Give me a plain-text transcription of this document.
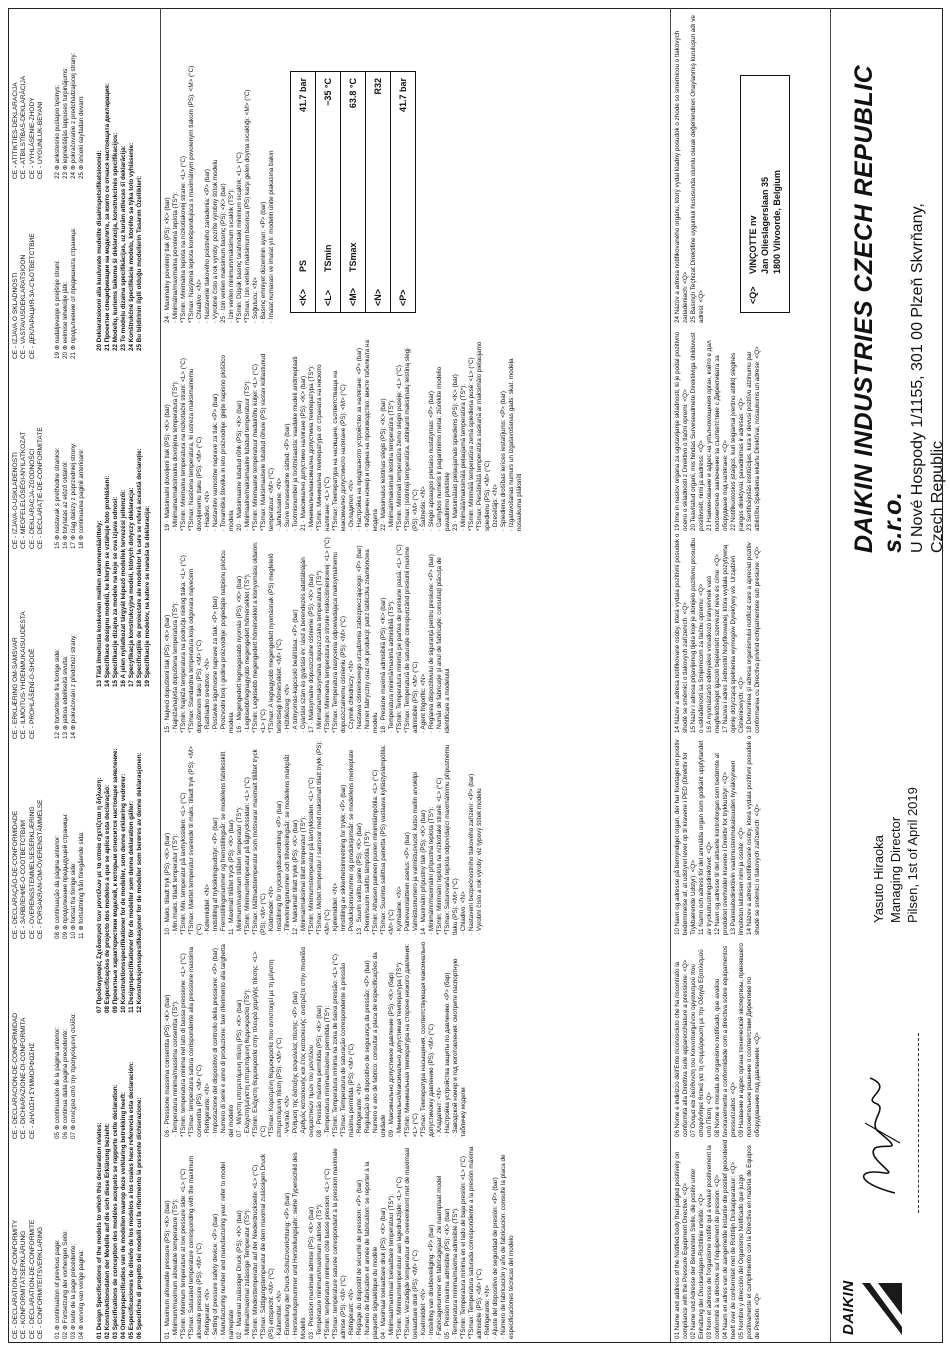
CE - DECLARATION-OF-CONFORMITY CE - KONFORMITÄTSERKLÄRUNG CE - DECLARATION-DE-CONFORMITE CE - CONFORMITEITSVERKLARING
CE - DECLARACION-DE-CONFORMIDAD CE - DICHIARAZIONE-DI-CONFORMITA CE - ΔΗΛΩΣΗ ΣΥΜΜΟΡΦΩΣΗΣ
CE - DECLARAÇÃO-DE-CONFORMIDADE CE - ЗАЯВЛЕНИЕ-О-СООТВЕТСТВИИ CE - OVERENSSTEMMELSESERKLÆRING CE - FORSAKRAN-OM-ÖVERENSTÄMMELSE
CE - ERKLÆRING OM-SAMSVAR CE - ILMOITUS-YHDENMUKAISUUDESTA CE - PROHLÁŠENÍ-O-SHODĚ
CE - IZJAVA-O-USKLAĐENOSTI CE - MEGFELELŐSÉGI-NYILATKOZAT CE - DEKLARACJA-ZGODNOŚCI CE - DECLARAŢIE-DE-CONFORMITATE
CE - IZJAVA O SKLADNOSTI CE - VASTAVUSDEKLARATSIOON CE - ДЕКЛАРАЦИЯ-ЗА-СЪОТВЕТСТВИЕ
CE - ATITIKTIES-DEKLARACIJA CE - ATBILSTĪBAS-DEKLARĀCIJA CE - VYHLÁSENIE-ZHODY CE - UYGUNLUK-BEYANI
01 ⊕ continuation of previous page: 02 ⊕ Fortsetzung der vorherigen Seite: 03 ⊕ suite de la page précédente: 04 ⊕ vervolg van vorige pagina:
05 ⊕ continuación de la página anterior: 06 ⊕ continua dalla pagina precedente: 07 ⊕ συνέχεια από την προηγούμενη σελίδα:
08 ⊕ continuação da página anterior: 09 ⊕ продолжение предыдущей страницы: 10 ⊕ fortsat fra forrige side: 11 ⊕ fortsättning från föregående sida:
12 ⊕ fortsettelse fra forrige side: 13 ⊕ jatkoa edelliseltä sivulta: 14 ⊕ pokračování z předchozí strany:
15 ⊕ nastavak s prethodne stranice: 16 ⊕ folytatás az előző oldalról: 17 ⊕ ciąg dalszy z poprzedniej strony: 18 ⊕ continuarea paginii anterioare:
19 ⊕ nadaljevanje s prejšnje strani: 20 ⊕ eelmise lehekülje jätk: 21 ⊕ продължение от предишната страница:
22 ⊕ ankstesnio puslapio tęsinys: 23 ⊕ iepriekšējās lappuses turpinājums: 24 ⊕ pokračovanie z predchádzajúcej strany: 25 ⊕ önceki sayfadan devam:
01 Design Specifications of the models to which this declaration relates: 02 Konstruktionsdaten der Modelle auf die sich diese Erklärung bezieht: 03 Spécifications de conception des modèles auxquels se rapporte cette déclaration: 04 Ontwerpspecificaties van de modellen waarop deze verklaring betrekking heeft: 05 Especificaciones de diseño de los modelos a los cuales hace referencia esta declaración: 06 Specifiche di progetto dei modelli cui fa riferimento la presente dichiarazione:
07 Προδιαγραφές Σχεδιασμού των μοντέλων με τα οποία σχετίζεται η δήλωση: 08 Especificações de projecto dos modelos a que se aplica esta declaração: 09 Проектные характеристики моделей, к которым относится настоящее заявление: 10 Konstruktionsspecifikationer for de modeller, som denne erklæring vedrører: 11 Designspecifikationer för de modeller som denna deklaration gäller: 12 Konstruksjonsspesifikasjoner for de modeller som berøres av denne deklarasjonen:
13 Tätä ilmoitusta koskevien mallien rakennemäärittely: 14 Specifikace designu modelů, ke kterým se vztahuje toto prohlášení: 15 Specifikacije dizajna za modele na koje se ova izjava odnosi: 16 A jelen nyilatkozat tárgyát képező modellek tervezési jellemzői: 17 Specyfikacja konstrukcyjna modeli, których dotyczy deklaracja: 18 Specificaţiile de proiectare ale modelelor la care se referă această declaraţie: 19 Specifikacije modelov, na katere se nanaša ta deklaracija:
20 Deklaratsiooni alla kuuluvate mudelite disainispetsifikatsioonid: 21 Проектни спецификации на моделите, за които се отнася настоящата декларация: 22 Modelių, kuriems taikoma ši deklaracija, konstrukcinės specifikacijos: 23 To modeļu dizaina specifikācijas, uz kurām attiecas šī deklarācija: 24 Konštrukčné špecifikácie modelu, ktorého sa týka toto vyhlásenie: 25 Bu bildirinin ilgili olduğu modellerin Tasarım Özellikleri:
01 · Maximum allowable pressure (PS): <K> (bar) · Minimum/maximum allowable temperature (TS*): *TSmin: Minimum temperature at low pressure side: <L> (°C) *TSmax: Saturated temperature corresponding with the maximum allowable pressure (PS): <M> (°C) · Refrigerant: <N> · Setting of pressure safety device: <P> (bar) · Manufacturing number and manufacturing year: refer to model nameplate 02 · Maximal zulässiger Druck (PS): <K> (bar) · Minimal/maximal zulässige Temperatur (TS*): *TSmin: Mindesttemperatur auf der Niederdruckseite: <L> (°C) *TSmax: Sättigungstemperatur die dem maximal zulässigen Druck (PS) entspricht: <M> (°C) · Kältemittel: <N> · Einstellung der Druck-Schutzvorrichtung: <P> (bar) · Herstellungsnummer und Herstellungsjahr: siehe Typenschild des Modells 03 · Pression maximale admise (PS): <K> (bar) · Température minimum/maximum admise (TS*): *TSmin: température minimum côté basse pression: <L> (°C) *TSmax: température saturée correspondant à la pression maximale admise (PS): <M> (°C) · Réfrigérant: <N> · Réglage du dispositif de sécurité de pression: <P> (bar) · Numéro de fabrication et année de fabrication: se reporter à la plaquette signalétique du modèle 04 · Maximaal toelaatbare druk (PS): <K> (bar) · Minimaal/maximaal toelaatbare temperatuur (TS*): *TSmin: Minimumtemperatuur aan lagedrukzijde: <L> (°C) *TSmax: Verzadigde temperatuur die overeenkomt met de maximaal toelaatbare druk (PS): <M> (°C) · Koelmiddel: <N> · Instelling van drukbeveiliging: <P> (bar) · Fabricagenummer en fabricagejaar: zie naamplaat model 05 · Presión máxima admisible (PS): <K> (bar) · Temperatura mínima/máxima admisible (TS*): *TSmin: Temperatura mínima en el lado de baja presión: <L> (°C) *TSmax: Temperatura saturada correspondiente a la presión máxima admisible (PS): <M> (°C) · Refrigerante: <N> · Ajuste del dispositivo de seguridad de presión: <P> (bar) · Número de fabricación y año de fabricación: consulte la placa de especificaciones técnicas del modelo
06 · Pressione massima consentita (PS): <K> (bar) · Temperatura minima/massima consentita (TS*): *TSmin: temperatura minima nel lato di bassa pressione: <L> (°C) *TSmax: temperatura satura corrispondente alla pressione massima consentita (PS): <M> (°C) · Refrigerante: <N> · Impostazione del dispositivo di controllo della pressione: <P> (bar) · Numero di serie e anno di produzione: fare riferimento alla targhetta del modello 07 · Μέγιστη επιτρεπόμενη πίεση (PS): <K> (bar) · Ελάχιστη/μέγιστη επιτρεπόμενη θερμοκρασία (TS*): *TSmin: Ελάχιστη θερμοκρασία στην πλευρά χαμηλής πίεσης: <L> (°C) *TSmax: Κορεσμένη θερμοκρασία που αντιστοιχεί με τη μέγιστη επιτρεπόμενη πίεση (PS): <M> (°C) · Ψυκτικό: <N> · Ρύθμιση της διάταξης ασφαλείας πίεσης: <P> (bar) · Αριθμός κατασκευής και έτος κατασκευής: ανατρέξτε στην πινακίδα ονομαστικών τιμών του μοντέλου 08 · Pressão máxima permitida (PS): <K> (bar) · Temperatura mínima/máxima permitida (TS*): *TSmin: Temperatura mínima na zona de baixa pressão: <L> (°C) *TSmax: Temperatura de saturação correspondente à pressão máxima permitida (PS): <M> (°C) · Refrigerante: <N> · Regulação do dispositivo de segurança da pressão: <P> (bar) · Número e ano de fabrico: consultar a placa de especificações da unidade 09 · Максимально допустимое давление (PS): <K> (бар) · Минимально/максимально допустимая температура (TS*): *TSmin: Минимальная температура на стороне низкого давления: <L> (°C) *TSmax: Температура насыщения, соответствующая максимально допустимому давлению (PS): <M> (°C) · Хладагент: <N> · Настройка устройства защиты по давлению: <P> (бар) · Заводской номер и год изготовления: смотрите паспортную табличку модели
10 · Maks. tilladt tryk (PS): <K> (bar) · Min./maks. tilladt temperatur (TS*): *TSmin: Min. temperatur på lavtrykssiden: <L> (°C) *TSmax: Mættet temperatur svarende til maks. tilladt tryk (PS): <M> (°C) · Kølemiddel: <N> · Indstilling af tryksikringsudstyr: <P> (bar) · Fremstillingsnummer og fremstillingsår: se modellens fabriksskilt 11 · Maximalt tillåtet tryck (PS): <K> (bar) · Minimum/maximum tillåten temperatur (TS*): *TSmin: Minimumtemperatur på lågtryckssidan: <L> (°C) *TSmax: Mättnadstemperatur som motsvarar maximalt tillåtet tryck (PS): <M> (°C) · Köldmedel: <N> · Inställning för tryckskyddsanordning: <P> (bar) · Tillverkningsnummer och tillverkningsår: se modellens märkplåt 12 · Maksimalt tillatt trykk (PS): <K> (bar) · Minimal/maksimal tillatt temperatur (TS*): *TSmin: Minimumstemperatur på lavtrykksiden: <L> (°C) *TSmax: Mettet temperatur i samsvar med maksimalt tillatt trykk (PS): <M> (°C) · Kjølemiddel: <N> · Innstilling av sikkerhetsinnretning for trykk: <P> (bar) · Produksjonsnummer og produksjonsår: se modellens merkeplate 13 · Suurin sallittu paine (PS): <K> (bar) · Pienin/suurin sallittu lämpötila (TS*): *TSmin: Alhaisen paineen puolen minimilämpötila: <L> (°C) *TSmax: Suurinta sallittua painetta (PS) vastaava kyllästyslämpötila: <M> (°C) · Kylmäaine: <N> · Painevarolaitteen asetus: <P> (bar) · Valmistusnumero ja valmistusvuosi: katso mallin arvokilpi 14 · Maximální přípustný tlak (PS): <K> (bar) · Minimální/maximální přípustná teplota (TS*): *TSmin: Minimální teplota na nízkotlaké straně: <L> (°C) *TSmax: Saturovaná teplota odpovídající maximálnímu přípustnému tlaku (PS): <M> (°C) · Chladivo: <N> · Nastavení bezpečnostního tlakového zařízení: <P> (bar) · Výrobní číslo a rok výroby: viz typový štítek modelu
15 · Najveći dopušteni tlak (PS): <K> (bar) · Najniža/najviša dopuštena temperatura (TS*): *TSmin: Najniža temperatura na području niskog tlaka: <L> (°C) *TSmax: Standardna temperatura koja odgovara najvećem dopuštenom tlaku (PS): <M> (°C) · Rashladno sredstvo: <N> · Postavke sigurnosne naprave za tlak: <P> (bar) · Proizvodni broj i godina proizvodnje: pogledajte natpisnu pločicu modela 16 · Megengedett legmagasabb nyomás (PS): <K> (bar) · Legkisebb/legnagyobb megengedett hőmérséklet (TS*): *TSmin: Legkisebb megengedett hőmérséklet a kisnyomású oldalon: <L> (°C) *TSmax: A legnagyobb megengedett nyomásnak (PS) megfelelő telítettségi hőmérséklet: <M> (°C) · Hűtőközeg: <N> · A túlnyomás-kapcsoló beállítása: <P> (bar) · Gyártási szám és gyártási év: lásd a berendezés adattábláján 17 · Maksymalne dopuszczalne ciśnienie (PS): <K> (bar) · Minimalna/maksymalna dopuszczalna temperatura (TS*): *TSmin: Minimalna temperatura po stronie niskociśnieniowej: <L> (°C) *TSmax: Temperatura nasycenia odpowiadająca maksymalnemu dopuszczalnemu ciśnieniu (PS): <M> (°C) · Czynnik chłodniczy: <N> · Nastawa ciśnieniowego urządzenia zabezpieczającego: <P> (bar) · Numer fabryczny oraz rok produkcji: patrz tabliczka znamionowa modelu 18 · Presiune maximă admisibilă (PS): <K> (bar) · Temperatura minimă/maximă admisibilă (TS*): *TSmin: Temperatura minimă pe partea de presiune joasă: <L> (°C) *TSmax: Temperatură de saturaţie corespunzând presiunii maxime admisibile (PS): <M> (°C) · Agent frigorific: <N> · Reglarea dispozitivului de siguranţă pentru presiune: <P> (bar) · Număr de fabricaţie şi anul de fabricaţie: consultaţi plăcuţa de identificare a modelului
19 · Maksimalni dovoljeni tlak (PS): <K> (bar) · Minimalna/maksimalna dovoljena temperatura (TS*): *TSmin: Minimalna temperatura na nizkotlačni strani: <L> (°C) *TSmax: Nasičena temperatura, ki ustreza maksimalnemu dovoljenemu tlaku (PS): <M> (°C) · Hladivo: <N> · Nastavitev varnostne naprave za tlak: <P> (bar) · Tovarniška številka in leto proizvodnje: glejte napisno ploščico modela 20 · Maksimaalne lubatud rõhk (PS): <K> (bar) · Minimaalne/maksimaalne lubatud temperatuur (TS*): *TSmin: Minimaalne temperatuur madalrõhu küljel: <L> (°C) *TSmax: Maksimaalsele lubatud rõhule (PS) vastav küllastunud temperatuur: <M> (°C) · Jahutusaine: <N> · Surve turvaseadme sätted: <P> (bar) · Tootmisnumber ja tootmisaasta: vaadake mudeli andmeplaati 21 · Максимално допустимо налягане (PS): <K> (bar) · Минимална/максимална допустима температура (TS*): *TSmin: Минимална температура от страната на ниското налягане: <L> (°C) *TSmax: Температура на насищане, съответстваща на максимално допустимото налягане (PS): <M> (°C) · Охладител: <N> · Настройка на предпазното устройство за налягане: <P> (bar) · Фабричен номер и година на производство: вижте табелката на модела 22 · Maksimalus leistinas slėgis (PS): <K> (bar) · Minimali/maksimali leistina temperatūra (TS*): *TSmin: Minimali temperatūra žemo slėgio pusėje: <L> (°C) *TSmax: Įsotintoji temperatūra, atitinkanti maksimalų leistiną slėgį (PS): <M> (°C) · Šaltnešis: <N> · Slėgio apsaugos prietaiso nustatymas: <P> (bar) · Gamybos numeris ir pagaminimo metai: žiūrėkite modelio pavadinimo plokštelę 23 · Maksimālais pieļaujamais spiediens (PS): <K> (bar) · Minimālā/maksimālā pieļaujamā temperatūra (TS*): *TSmin: Minimālā temperatūra zemā spiediena pusē: <L> (°C) *TSmax: Piesātinātā temperatūra saskaņā ar maksimālo pieļaujamo spiedienu (PS): <M> (°C) · Dzesētājs: <N> · Spiediena drošības ierīces iestatījums: <P> (bar) · Izgatavošanas numurs un izgatavošanas gads: skat. modeļa nosaukuma plāksnīti
24 · Maximálny povolený tlak (PS): <K> (bar) · Minimálna/maximálna povolená teplota (TS*): *TSmin: Minimálna teplota na nízkotlakovej strane: <L> (°C) *TSmax: Nasýtená teplota korešpondujúca s maximálnym povoleným tlakom (PS): <M> (°C) · Chladivo: <N> · Nastavenie tlakového poistného zariadenia: <P> (bar) · Výrobné číslo a rok výroby: pozrite výrobný štítok modelu 25 · İzin verilen maksimum basınç (PS): <K> (bar) · İzin verilen minimum/maksimum sıcaklık (TS*): *TSmin: Düşük basınç tarafındaki minimum sıcaklık: <L> (°C) *TSmax: İzin verilen maksimum basınca (PS) karşı gelen doyma sıcaklığı: <M> (°C) · Soğutucu: <N> · Basınç emniyet düzeninin ayarı: <P> (bar) · İmalat numarası ve imalat yılı: modelin ünite plakasına bakın	<K>
PS
41.7 bar
<L>
TSmin
−35 °C
<M>
TSmax
63.8 °C
<N>
R32
<P>
41.7 bar
01 Name and address of the Notified body that judged positively on compliance with the Pressure Equipment Directive: <Q> 02 Name und Adresse der Benannten Stelle, die positiv unter Einhaltung der Druckanlagen-Richtlinie urteilte: <Q> 03 Nom et adresse de l'organisme notifié qui a évalué positivement la conformité à la directive sur l'équipement de pression: <Q> 04 Naam en adres van de aangemelde instantie die positief geoordeeld heeft over de conformiteit met de Richtlijn Drukapparatuur: <Q> 05 Nombre y dirección del Organismo Notificado que juzgó positivamente el cumplimiento con la Directiva en materia de Equipos de Presión: <Q>
06 Nome e indirizzo dell'Ente riconosciuto che ha riscontrato la conformità alla Direttiva sulle apparecchiature a pressione: <Q> 07 Όνομα και διεύθυνση του Κοινοποιημένου οργανισμού που αποφάνθηκε θετικά για τη συμμόρφωση με την Οδηγία Εξοπλισμού υπό Πίεση: <Q> 08 Nome e morada do organismo notificado, que avaliou favoravelmente a conformidade com a directiva sobre equipamentos pressurizados: <Q> 09 Название и адрес органа технической экспертизы, принявшего положительное решение о соответствии Директиве по оборудованию под давлением: <Q>
10 Navn og adresse på bemyndiget organ, der har foretaget en positiv bedømmelse af, at udstyret lever op til kravene i PED (Direktiv for Trykbærende Udstyr): <Q> 11 Namn och adress för det anmälda organ som godkänt uppfyllandet av tryckutrustningsdirektivet: <Q> 12 Navn og adresse til det aktuelle kontrollorgan som bedømte at produktet overholder kravene i Direktiv for trykkutstyr: <Q> 13 Painelaitedirektiivin vaatimustenmukaisuuden hyväksyneen ilmoitetun laitoksen nimi ja osoite: <Q> 14 Název a adresa notifikované osoby, která vydala pozitivní posudek o shodě se směrnicí o tlakových zařízeních: <Q>
14 Název a adresa notifikované osoby, která vydala pozitivní posudek o shodě se směrnicí o tlakových zařízeních: <Q> 15 Naziv i adresa prijavljenog tijela koje je donijelo pozitivnu prosudbu o usklađenosti sa Smjernicom za tlačnu opremu: <Q> 16 A nyomástartó edényekre vonatkozó irányelvnek való megfelelőséget igazoló bejelentett szervezet neve és címe: <Q> 17 Nazwa i adres Jednostki Notyfikowanej, która wydała pozytywną opinię dotyczącą spełnienia wymogów Dyrektywy ws. Urządzeń Ciśnieniowych: <Q> 18 Denumirea şi adresa organismului notificat care a apreciat pozitiv conformarea cu Directiva privind echipamentele sub presiune: <Q>
19 Ime in naslov organa za ugotavljanje skladnosti, ki je podal pozitivno oceno o skladnosti z Direktivo o tlačni opremi: <Q> 20 Teavitatud organi, mis hindas Surveseadmete Direktiiviga ühilduvust positiivselt, nimi ja aadress: <Q> 21 Наименование и адрес на упълномощения орган, който е дал положително заключение за съответствие с Директивата за оборудване под налягане: <Q> 22 Notifikuotosios įstaigos, kuri teigiamai įvertino atitiktį slėginės įrangos direktyvai, pavadinimas ir adresas: <Q> 23 Sertificējošās institūcijas, kura ir devusi pozitīvu atzinumu par atbilstību Spiediena iekārtu Direktīvai, nosaukums un adrese: <Q>
24 Názov a adresa notifikovaného orgánu, ktorý vydal kladný posudok o zhode so smernicou o tlakových zariadeniach: <Q> 25 Basınçlı Teçhizat Direktifine uygunluk hususunda olumlu olarak değerlendiren Onaylanmış kuruluşun adı ve adresi: <Q>	<Q>
VINÇOTTE nv Jan Olieslagerslaan 35 1800 Vilvoorde, Belgium
DAIKIN
Yasuto Hiraoka Managing Director Pilsen, 1st of April 2019
DAIKIN INDUSTRIES CZECH REPUBLIC s.r.o. U Nové Hospody 1/1155, 301 00 Plzeň Skvrňany, Czech Republic
